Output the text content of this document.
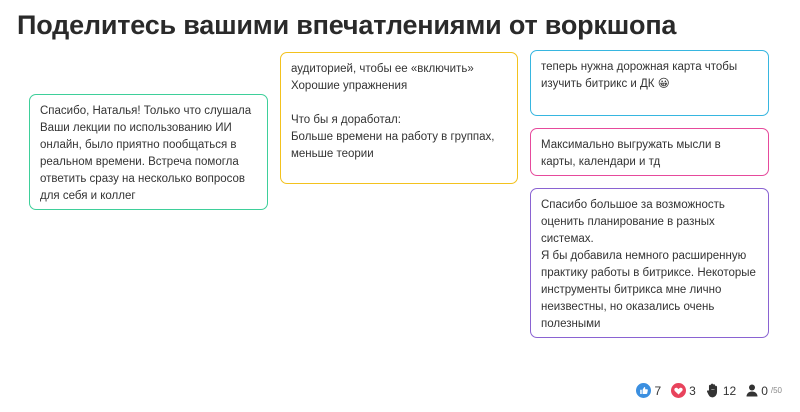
Поделитесь вашими впечатлениями от воркшопа

Спасибо, Наталья! Только что слушала Ваши лекции по использованию ИИ онлайн, было приятно пообщаться в реальном времени. Встреча помогла ответить сразу на несколько вопросов для себя и коллег

аудиторией, чтобы ее «включить»
Хорошие упражнения

Что бы я доработал:
Больше времени на работу в группах, меньше теории

теперь нужна дорожная карта чтобы изучить битрикс и ДК 😀

Максимально выгружать мысли в карты, календари и тд

Спасибо большое за возможность оценить планирование в разных системах.
Я бы добавила немного расширенную практику работы в битриксе. Некоторые инструменты битрикса мне лично неизвестны, но оказались очень полезными

7 3 12 0 /50
